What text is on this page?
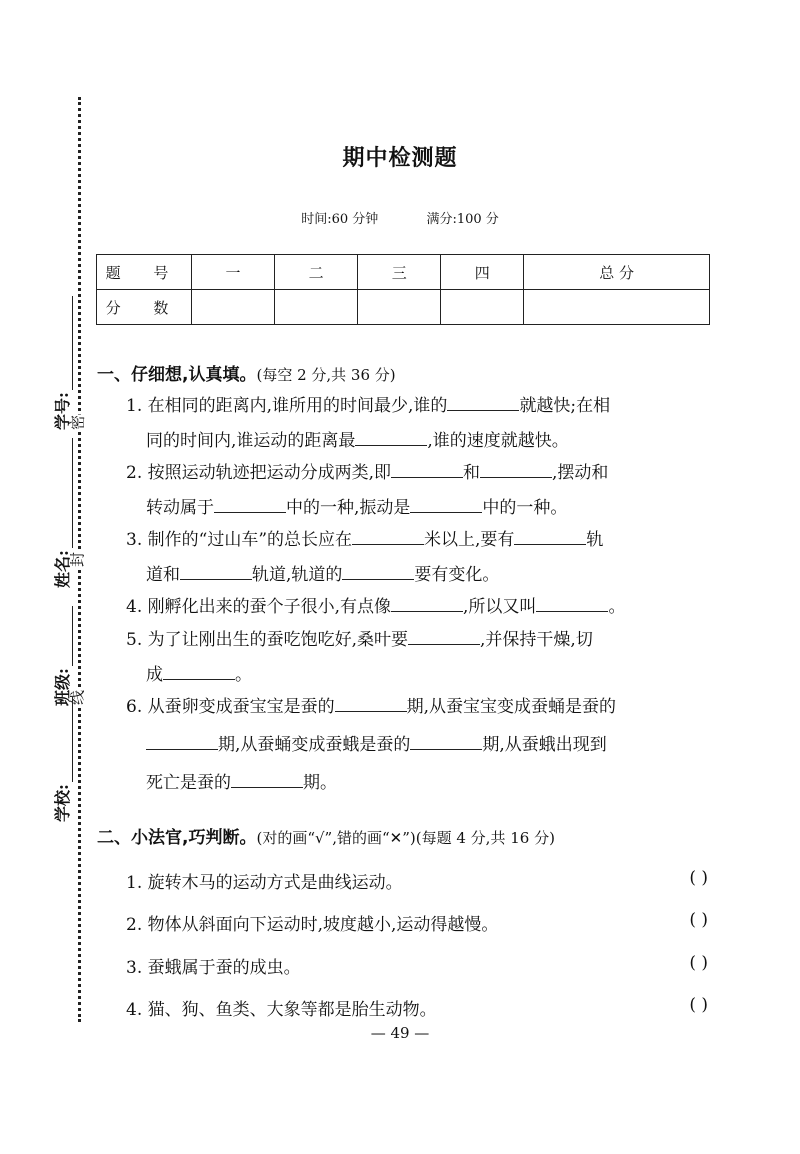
密
封
线
学号:
姓名:
班级:
学校:
期中检测题
时间:60 分钟	满分:100 分
题 号	一	二	三	四	总 分
分 数					
一、仔细想,认真填。(每空 2 分,共 36 分)
1. 在相同的距离内,谁所用的时间最少,谁的	就越快;在相
同的时间内,谁运动的距离最	,谁的速度就越快。
2. 按照运动轨迹把运动分成两类,即	和	,摆动和
转动属于	中的一种,振动是	中的一种。
3. 制作的“过山车”的总长应在	米以上,要有	轨
道和	轨道,轨道的	要有变化。
4. 刚孵化出来的蚕个子很小,有点像	,所以又叫	。
5. 为了让刚出生的蚕吃饱吃好,桑叶要	,并保持干燥,切
成	。
6. 从蚕卵变成蚕宝宝是蚕的	期,从蚕宝宝变成蚕蛹是蚕的
期,从蚕蛹变成蚕蛾是蚕的	期,从蚕蛾出现到
死亡是蚕的	期。
二、小法官,巧判断。(对的画“√”,错的画“✕”)(每题 4 分,共 16 分)
1. 旋转木马的运动方式是曲线运动。	( )
2. 物体从斜面向下运动时,坡度越小,运动得越慢。	( )
3. 蚕蛾属于蚕的成虫。	( )
4. 猫、狗、鱼类、大象等都是胎生动物。	( )
— 49 —
